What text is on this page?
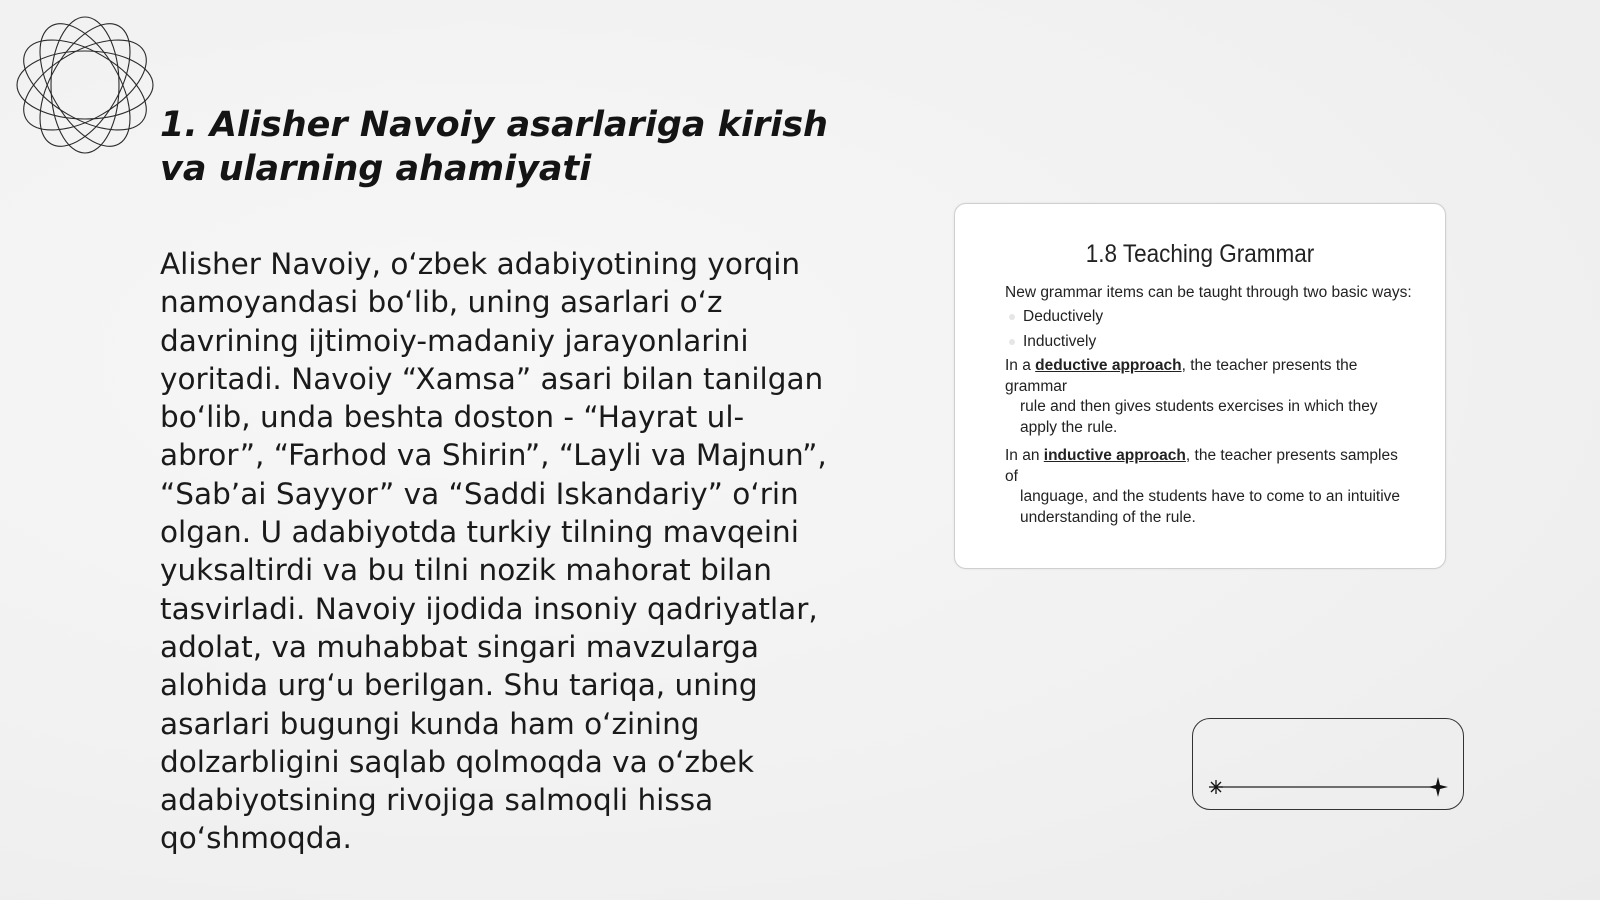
1. Alisher Navoiy asarlariga kirish va ularning ahamiyati

Alisher Navoiy, oʻzbek adabiyotining yorqin namoyandasi boʻlib, uning asarlari oʻz davrining ijtimoiy-madaniy jarayonlarini yoritadi. Navoiy “Xamsa” asari bilan tanilgan boʻlib, unda beshta doston - “Hayrat ul-abror”, “Farhod va Shirin”, “Layli va Majnun”, “Sabʼai Sayyor” va “Saddi Iskandariy” oʻrin olgan. U adabiyotda turkiy tilning mavqeini yuksaltirdi va bu tilni nozik mahorat bilan tasvirladi. Navoiy ijodida insoniy qadriyatlar, adolat, va muhabbat singari mavzularga alohida urgʻu berilgan. Shu tariqa, uning asarlari bugungi kunda ham oʻzining dolzarbligini saqlab qolmoqda va oʻzbek adabiyotsining rivojiga salmoqli hissa qoʻshmoqda.

1.8 Teaching Grammar
New grammar items can be taught through two basic ways:
Deductively
Inductively
In a deductive approach, the teacher presents the grammar
rule and then gives students exercises in which they apply the rule.
In an inductive approach, the teacher presents samples of
language, and the students have to come to an intuitive understanding of the rule.
